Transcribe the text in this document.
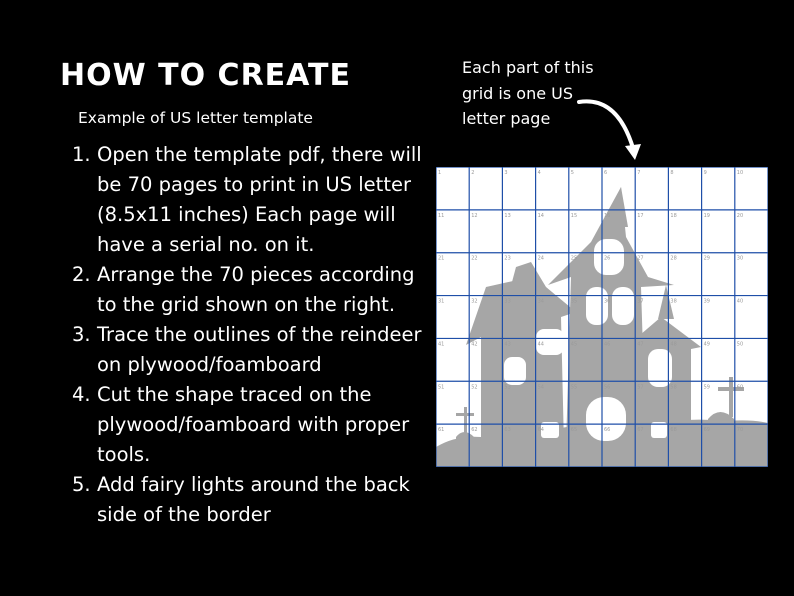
HOW TO CREATE
Example of US letter template
1. Open the template pdf, there will be 70 pages to print in US letter (8.5x11 inches) Each page will have a serial no. on it.
2. Arrange the 70 pieces according to the grid shown on the right.
3. Trace the outlines of the reindeer on plywood/foamboard
4. Cut the shape traced on the plywood/foamboard with proper tools.
5. Add fairy lights around the back side of the border
Each part of this grid is one US letter page
1	2	3	4	5	6	7	8	9	10
11	12	13	14	15	16	17	18	19	20
21	22	23	24	25	26	27	28	29	30
31	32	33	34	35	36	37	38	39	40
41	42	43	44	45	46	47	48	49	50
51	52	53	54	55	56	57	58	59	60
61	62	63	64	65	66	67	68	69	70
